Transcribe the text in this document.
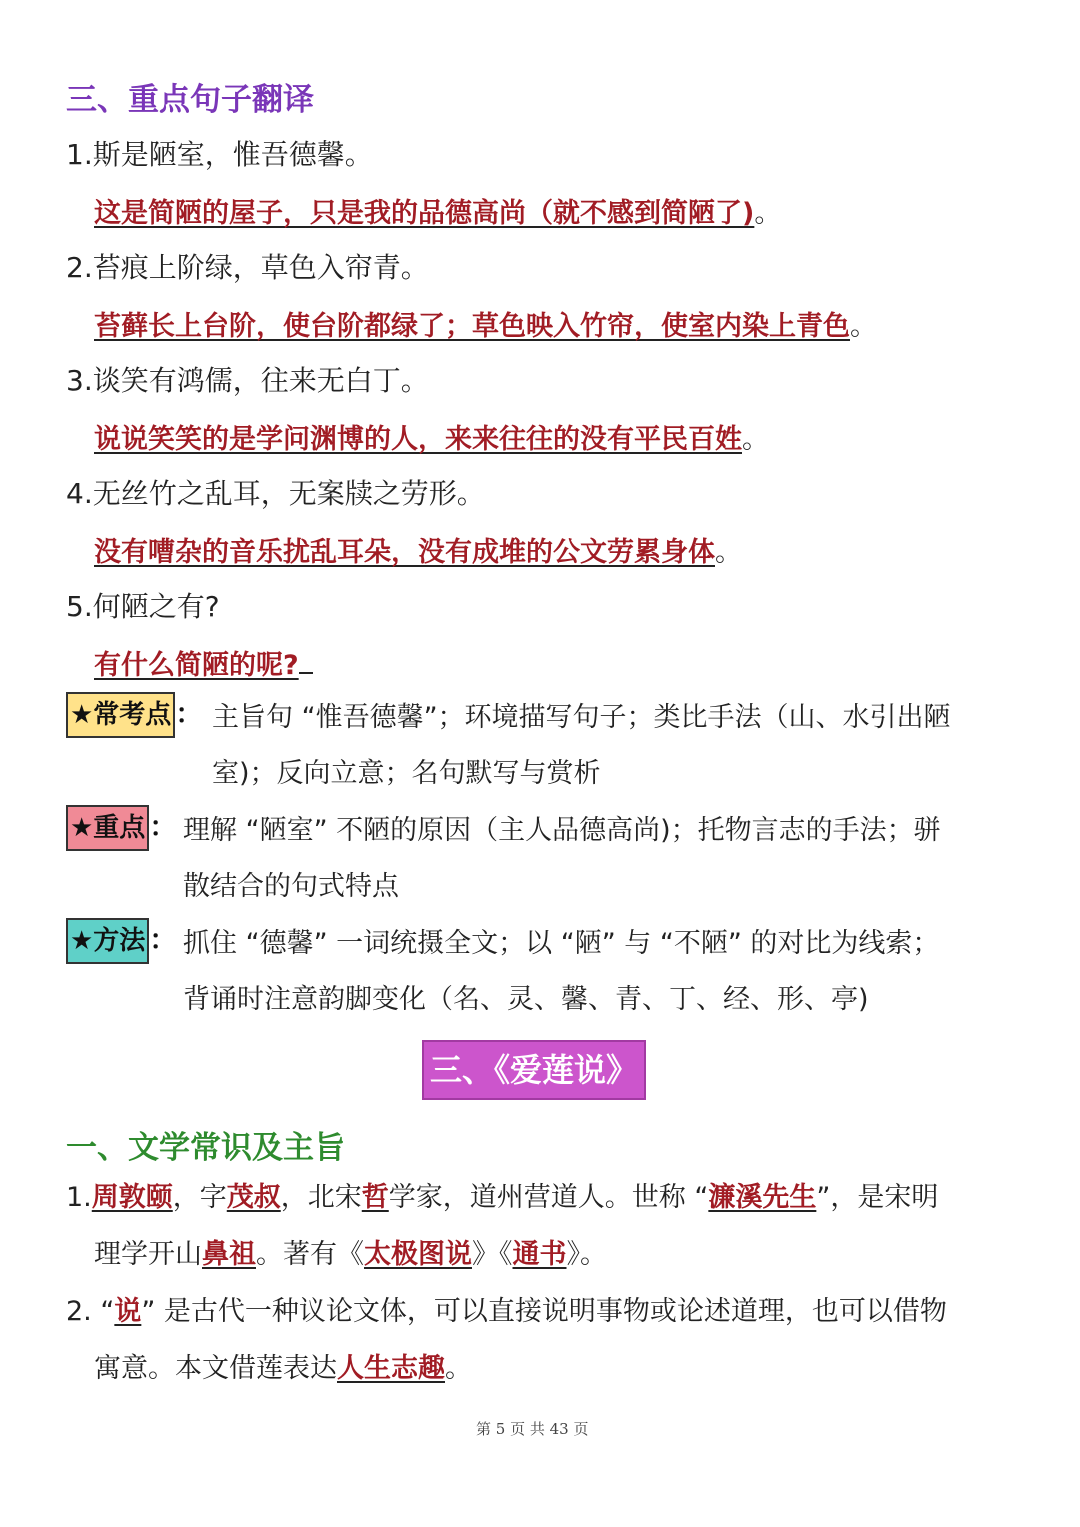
三、重点句子翻译
1.斯是陋室，惟吾德馨。
这是简陋的屋子，只是我的品德高尚（就不感到简陋了)。
2.苔痕上阶绿，草色入帘青。
苔藓长上台阶，使台阶都绿了；草色映入竹帘，使室内染上青色。
3.谈笑有鸿儒，往来无白丁。
说说笑笑的是学问渊博的人，来来往往的没有平民百姓。
4.无丝竹之乱耳，无案牍之劳形。
没有嘈杂的音乐扰乱耳朵，没有成堆的公文劳累身体。
5.何陋之有?
有什么简陋的呢?
★常考点 ： 主旨句 “惟吾德馨”；环境描写句子；类比手法（山、水引出陋
室)；反向立意；名句默写与赏析
★重点 ： 理解 “陋室” 不陋的原因（主人品德高尚)；托物言志的手法；骈
散结合的句式特点
★方法 ： 抓住 “德馨” 一词统摄全文；以 “陋” 与 “不陋” 的对比为线索；
背诵时注意韵脚变化（名、灵、馨、青、丁、经、形、亭)
三、《爱莲说》
一、文学常识及主旨
1.周敦颐，字茂叔，北宋哲学家，道州营道人。世称 “濂溪先生”，是宋明
理学开山鼻祖。著有《太极图说》《通书》。
2. “说” 是古代一种议论文体，可以直接说明事物或论述道理，也可以借物
寓意。本文借莲表达人生志趣。
第 5 页 共 43 页
